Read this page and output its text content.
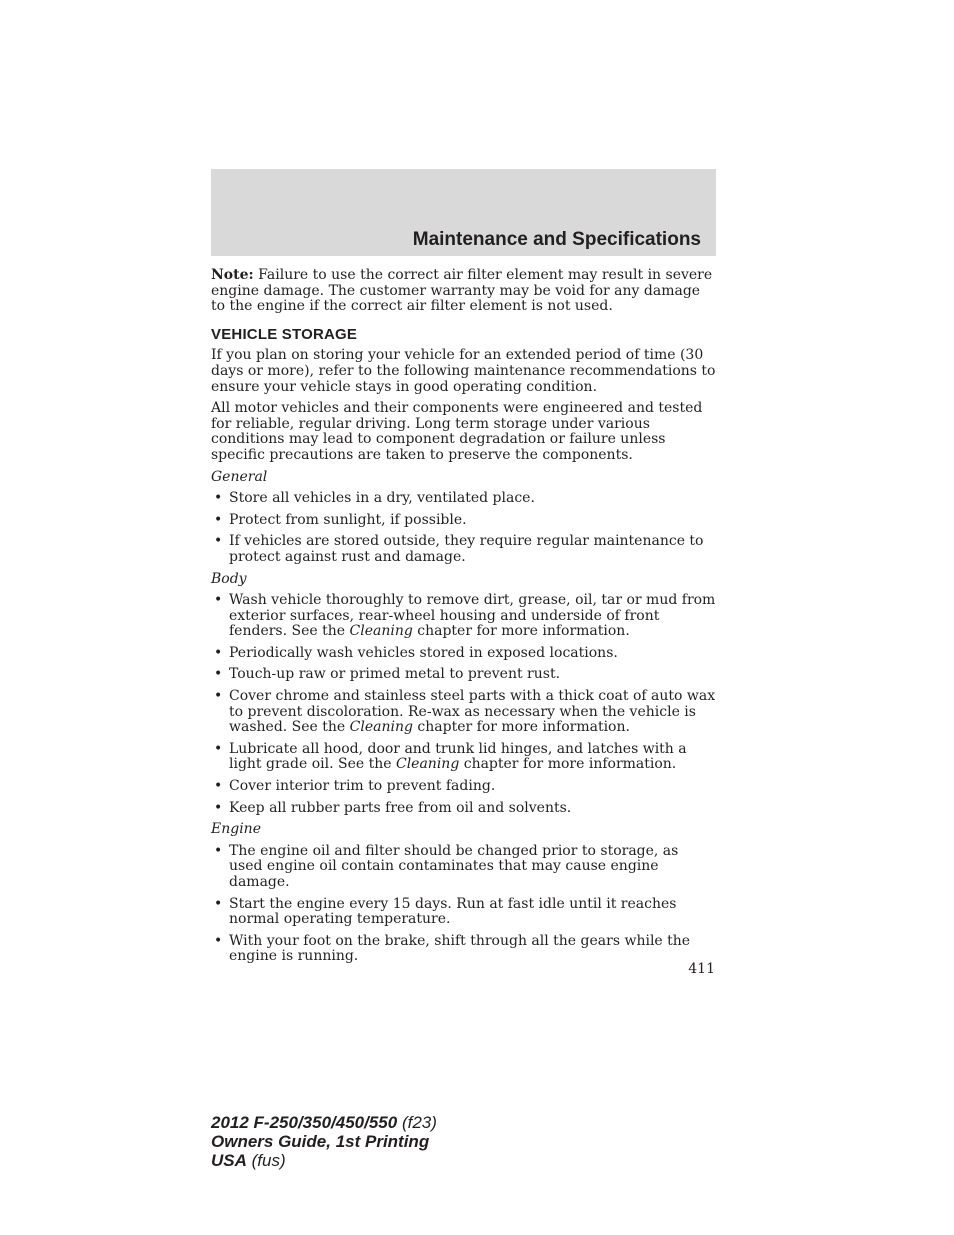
Maintenance and Specifications

Note: Failure to use the correct air filter element may result in severe engine damage. The customer warranty may be void for any damage to the engine if the correct air filter element is not used.

VEHICLE STORAGE

If you plan on storing your vehicle for an extended period of time (30 days or more), refer to the following maintenance recommendations to ensure your vehicle stays in good operating condition.

All motor vehicles and their components were engineered and tested for reliable, regular driving. Long term storage under various conditions may lead to component degradation or failure unless specific precautions are taken to preserve the components.

General
• Store all vehicles in a dry, ventilated place.
• Protect from sunlight, if possible.
• If vehicles are stored outside, they require regular maintenance to protect against rust and damage.
Body
• Wash vehicle thoroughly to remove dirt, grease, oil, tar or mud from exterior surfaces, rear-wheel housing and underside of front fenders. See the Cleaning chapter for more information.
• Periodically wash vehicles stored in exposed locations.
• Touch-up raw or primed metal to prevent rust.
• Cover chrome and stainless steel parts with a thick coat of auto wax to prevent discoloration. Re-wax as necessary when the vehicle is washed. See the Cleaning chapter for more information.
• Lubricate all hood, door and trunk lid hinges, and latches with a light grade oil. See the Cleaning chapter for more information.
• Cover interior trim to prevent fading.
• Keep all rubber parts free from oil and solvents.
Engine
• The engine oil and filter should be changed prior to storage, as used engine oil contain contaminates that may cause engine damage.
• Start the engine every 15 days. Run at fast idle until it reaches normal operating temperature.
• With your foot on the brake, shift through all the gears while the engine is running.
411
2012 F-250/350/450/550 (f23)
Owners Guide, 1st Printing
USA (fus)
